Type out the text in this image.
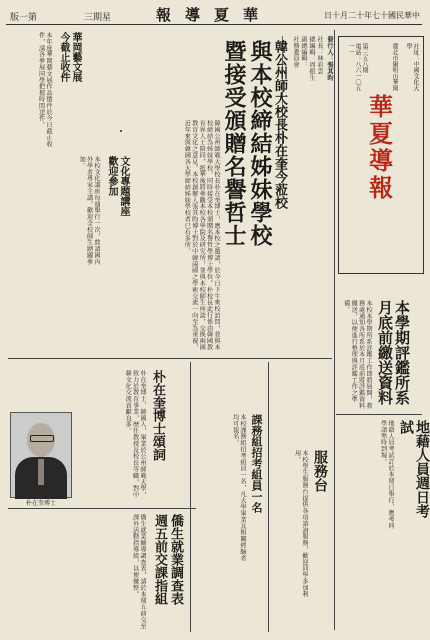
版一第	三期星	報導夏華	日十月二十年七十國民華中
社址：中國文化大學
臺北市陽明山華岡
第三五八期
電話：八六一〇五一一
華
夏
導
報
發行人：張其昀
社長：林彩雲
總編輯：周振生
副總編輯：
社務委員會
韓公州師大校長朴在奎今蒞校
與本校締結姊妹學校
暨接受頒贈名譽哲士
韓國公州師範大學校長朴在奎博士，應本校之邀請，於今日下午來校訪問，並與本校締結為姊妹學校，同時接受本校頒贈名譽哲學博士學位。朴校長此行係由韓國教育界人士陪同，抵華後將參觀本校各學院及研究所，並與本校師生座談，交換兩國教育文化之意見。本校創辦人張其昀博士對於中韓兩國之學術交流一向至為重視，近年來與韓國各大學締結姊妹學校者已有多所。
本學期評鑑所系月底前繳送資料
本校本學期所系評鑑工作即將展開，教務處通知各所系於本月底前將評鑑資料繳送，以便進行整理與評鑑工作之準備。
地藉人員週日考試
地籍人員考試訂於本週日舉行，應考同學請準時到場。
服務台
本校學生服務台提供各項諮詢服務，歡迎同學多加利用。
課務組招考組員一名
本校課務組招考組員一名，凡大學畢業具相關經驗者均可報名。
文化專題講座
歡迎參加
本校文化講座每週舉行一次，敦請國內外學者專家主講，歡迎全校師生踴躍參加。
華岡藝文展
今截止收件
本年度華岡藝文展作品徵件於今日截止收件，請各參展同學把握時間送件。
朴在奎博士頌詞
朴在奎博士，韓國人，畢業於公州師範大學，致力於教育事業，歷任教授及校長等職，對中韓文化交流貢獻良多。
朴在奎博士
僑生就業調查表
週五前交課指組
僑生就業輔導調查表，請於本週五前交至課外活動指導組，以便彙整。
